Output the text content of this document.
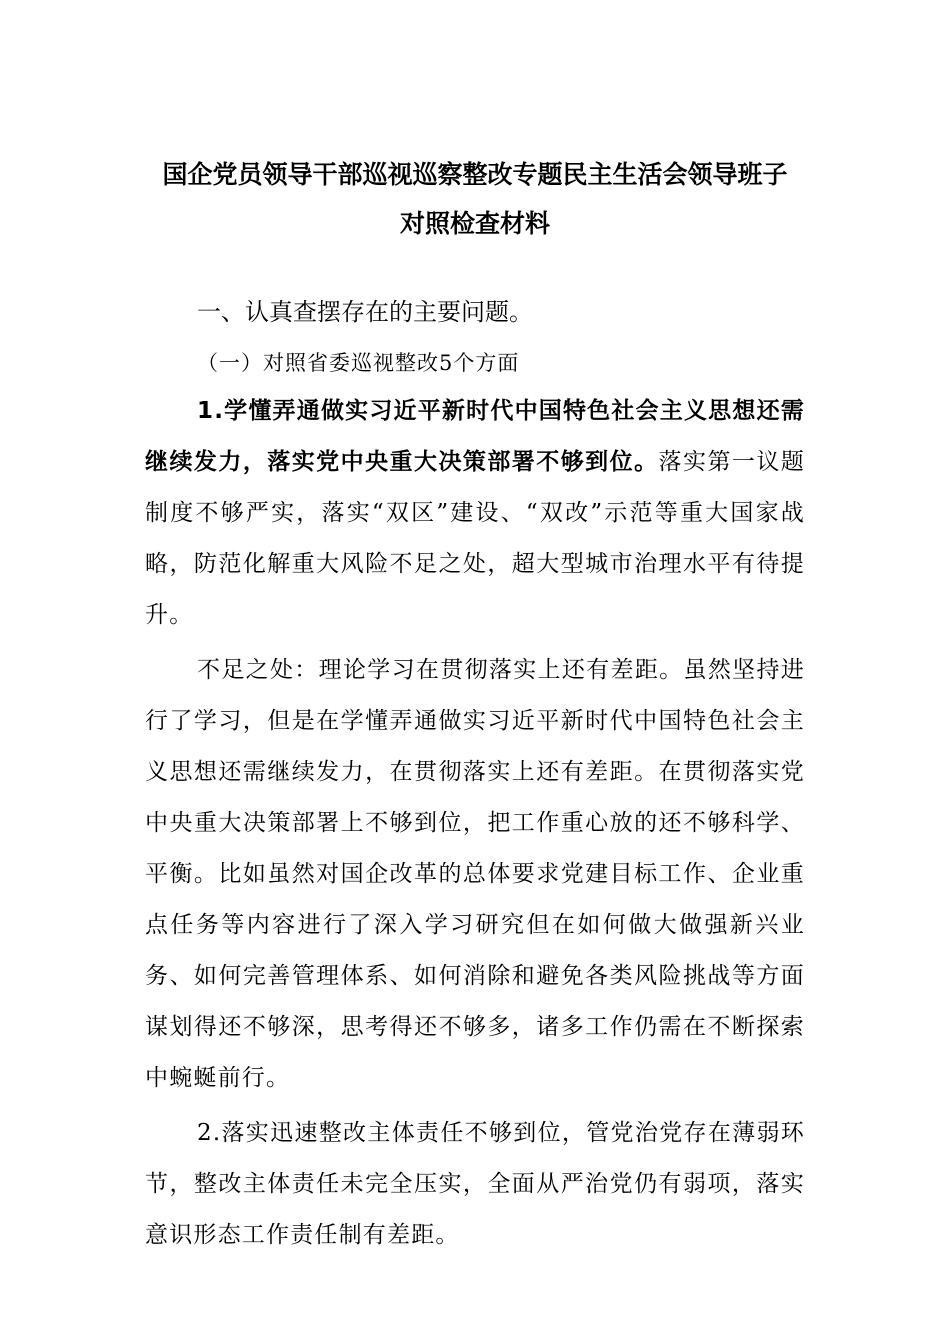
国企党员领导干部巡视巡察整改专题民主生活会领导班子
对照检查材料
一、认真查摆存在的主要问题。
（一）对照省委巡视整改5个方面

1.学懂弄通做实习近平新时代中国特色社会主义思想还需继续发力，落实党中央重大决策部署不够到位。落实第一议题制度不够严实，落实“双区”建设、“双改”示范等重大国家战略，防范化解重大风险不足之处，超大型城市治理水平有待提升。

不足之处：理论学习在贯彻落实上还有差距。虽然坚持进行了学习，但是在学懂弄通做实习近平新时代中国特色社会主义思想还需继续发力，在贯彻落实上还有差距。在贯彻落实党中央重大决策部署上不够到位，把工作重心放的还不够科学、平衡。比如虽然对国企改革的总体要求党建目标工作、企业重点任务等内容进行了深入学习研究但在如何做大做强新兴业务、如何完善管理体系、如何消除和避免各类风险挑战等方面谋划得还不够深，思考得还不够多，诸多工作仍需在不断探索中蜿蜒前行。

2.落实迅速整改主体责任不够到位，管党治党存在薄弱环节，整改主体责任未完全压实，全面从严治党仍有弱项，落实意识形态工作责任制有差距。
